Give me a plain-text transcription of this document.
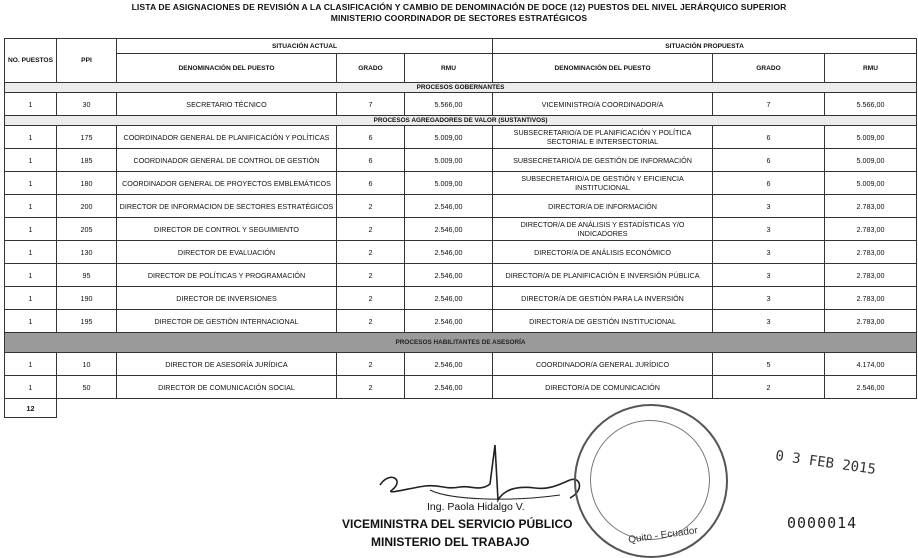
LISTA DE ASIGNACIONES DE REVISIÓN A LA CLASIFICACIÓN Y CAMBIO DE DENOMINACIÓN DE DOCE (12) PUESTOS DEL NIVEL JERÁRQUICO SUPERIOR
MINISTERIO COORDINADOR DE SECTORES ESTRATÉGICOS
NO. PUESTOS	PPI	SITUACIÓN ACTUAL			SITUACIÓN PROPUESTA		
		DENOMINACIÓN DEL PUESTO	GRADO	RMU	DENOMINACIÓN DEL PUESTO	GRADO	RMU
PROCESOS GOBERNANTES							
1	30	SECRETARIO TÉCNICO	7	5.566,00	VICEMINISTRO/A COORDINADOR/A	7	5.566,00
PROCESOS AGREGADORES DE VALOR (SUSTANTIVOS)							
1	175	COORDINADOR GENERAL DE PLANIFICACIÓN Y POLÍTICAS	6	5.009,00	SUBSECRETARIO/A DE PLANIFICACIÓN Y POLÍTICA SECTORIAL E INTERSECTORIAL	6	5.009,00
1	185	COORDINADOR GENERAL DE CONTROL DE GESTIÓN	6	5.009,00	SUBSECRETARIO/A DE GESTIÓN DE INFORMACIÓN	6	5.009,00
1	180	COORDINADOR GENERAL DE PROYECTOS EMBLEMÁTICOS	6	5.009,00	SUBSECRETARIO/A DE GESTIÓN Y EFICIENCIA INSTITUCIONAL	6	5.009,00
1	200	DIRECTOR DE INFORMACION DE SECTORES ESTRATÉGICOS	2	2.546,00	DIRECTOR/A DE INFORMACIÓN	3	2.783,00
1	205	DIRECTOR DE CONTROL Y SEGUIMIENTO	2	2.546,00	DIRECTOR/A DE ANÁLISIS Y ESTADÍSTICAS Y/O INDICADORES	3	2.783,00
1	130	DIRECTOR DE EVALUACIÓN	2	2.546,00	DIRECTOR/A DE ANÁLISIS ECONÓMICO	3	2.783,00
1	95	DIRECTOR DE POLÍTICAS Y PROGRAMACIÓN	2	2.546,00	DIRECTOR/A DE PLANIFICACIÓN E INVERSIÓN PÚBLICA	3	2.783,00
1	190	DIRECTOR DE INVERSIONES	2	2.546,00	DIRECTOR/A DE GESTIÓN PARA LA INVERSIÓN	3	2.783,00
1	195	DIRECTOR DE GESTIÓN INTERNACIONAL	2	2.546,00	DIRECTOR/A DE GESTIÓN INSTITUCIONAL	3	2.783,00
PROCESOS HABILITANTES DE ASESORÍA							
1	10	DIRECTOR DE ASESORÍA JURÍDICA	2	2.546,00	COORDINADOR/A GENERAL JURÍDICO	5	4.174,00
1	50	DIRECTOR DE COMUNICACIÓN SOCIAL	2	2.546,00	DIRECTOR/A DE COMUNICACIÓN	2	2.546,00
12							
Quito - Ecuador
Ing. Paola Hidalgo V.
VICEMINISTRA DEL SERVICIO PÚBLICO
MINISTERIO DEL TRABAJO
0 3 FEB 2015
0000014
